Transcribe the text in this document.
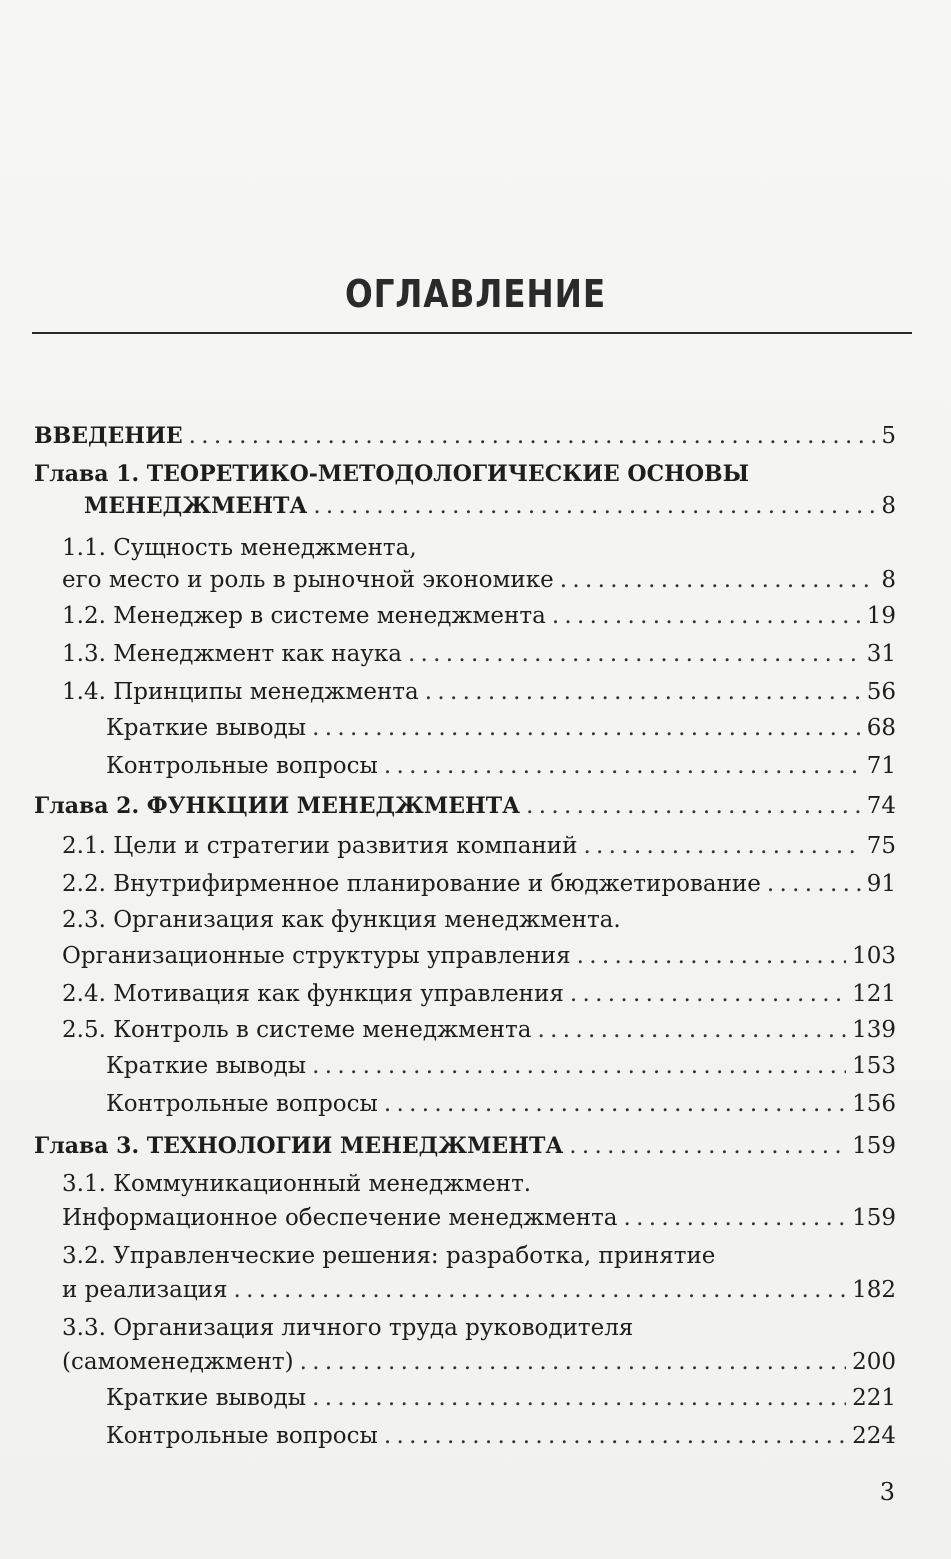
ОГЛАВЛЕНИЕ
ВВЕДЕНИЕ . . .	5
Глава 1. ТЕОРЕТИКО-МЕТОДОЛОГИЧЕСКИЕ ОСНОВЫ
МЕНЕДЖМЕНТА . . .	8
1.1. Сущность менеджмента,
его место и роль в рыночной экономике . . .	8
1.2. Менеджер в системе менеджмента . . .	19
1.3. Менеджмент как наука . . .	31
1.4. Принципы менеджмента . . .	56
Краткие выводы . . .	68
Контрольные вопросы . . .	71
Глава 2. ФУНКЦИИ МЕНЕДЖМЕНТА . . .	74
2.1. Цели и стратегии развития компаний . . .	75
2.2. Внутрифирменное планирование и бюджетирование . . .	91
2.3. Организация как функция менеджмента.
Организационные структуры управления . . .	103
2.4. Мотивация как функция управления . . .	121
2.5. Контроль в системе менеджмента . . .	139
Краткие выводы . . .	153
Контрольные вопросы . . .	156
Глава 3. ТЕХНОЛОГИИ МЕНЕДЖМЕНТА . . .	159
3.1. Коммуникационный менеджмент.
Информационное обеспечение менеджмента . . .	159
3.2. Управленческие решения: разработка, принятие
и реализация . . .	182
3.3. Организация личного труда руководителя
(самоменеджмент) . . .	200
Краткие выводы . . .	221
Контрольные вопросы . . .	224
3
